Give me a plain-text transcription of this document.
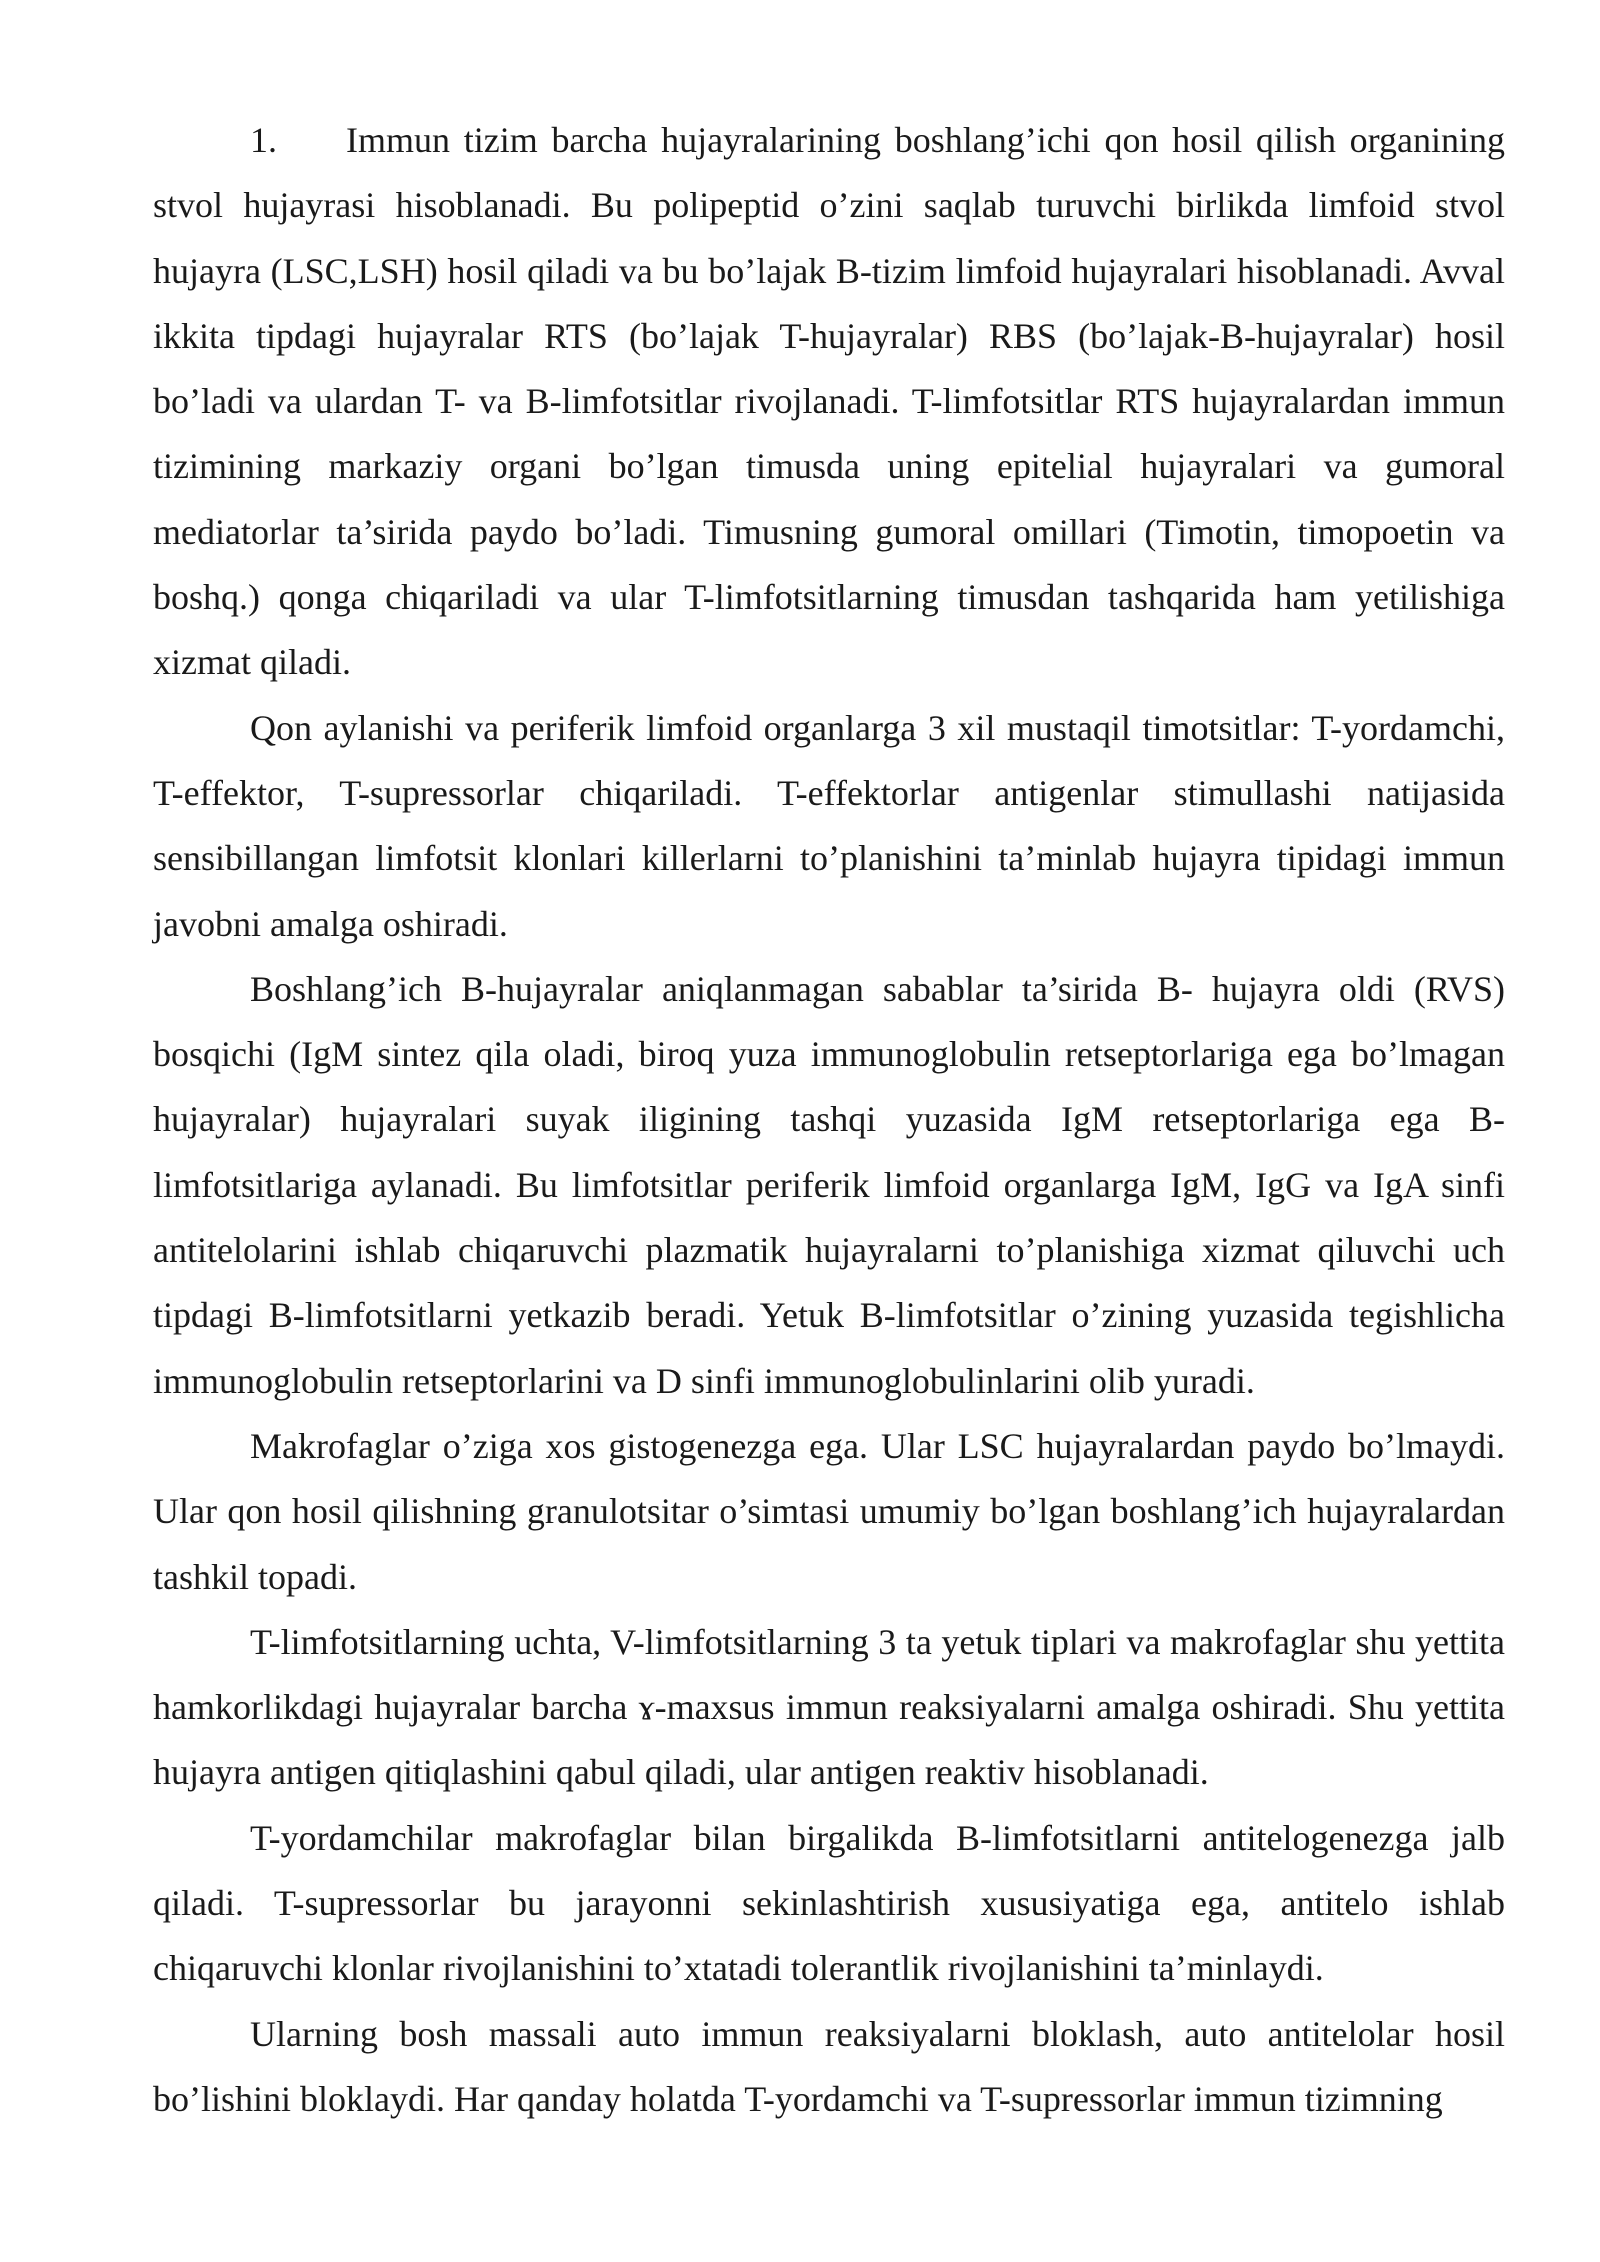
1. Immun tizim barcha hujayralarining boshlang’ichi qon hosil qilish organining stvol hujayrasi hisoblanadi. Bu polipeptid o’zini saqlab turuvchi birlikda limfoid stvol hujayra (LSC,LSH) hosil qiladi va bu bo’lajak B-tizim limfoid hujayralari hisoblanadi. Avval ikkita tipdagi hujayralar RTS (bo’lajak T-hujayralar) RBS (bo’lajak-B-hujayralar) hosil bo’ladi va ulardan T- va B-limfotsitlar rivojlanadi. T-limfotsitlar RTS hujayralardan immun tizimining markaziy organi bo’lgan timusda uning epitelial hujayralari va gumoral mediatorlar ta’sirida paydo bo’ladi. Timusning gumoral omillari (Timotin, timopoetin va boshq.) qonga chiqariladi va ular T-limfotsitlarning timusdan tashqarida ham yetilishiga xizmat qiladi.

Qon aylanishi va periferik limfoid organlarga 3 xil mustaqil timotsitlar: T-yordamchi, T-effektor, T-supressorlar chiqariladi. T-effektorlar antigenlar stimullashi natijasida sensibillangan limfotsit klonlari killerlarni to’planishini ta’minlab hujayra tipidagi immun javobni amalga oshiradi.

Boshlang’ich B-hujayralar aniqlanmagan sabablar ta’sirida B- hujayra oldi (RVS) bosqichi (IgM sintez qila oladi, biroq yuza immunoglobulin retseptorlariga ega bo’lmagan hujayralar) hujayralari suyak iligining tashqi yuzasida IgM retseptorlariga ega B-limfotsitlariga aylanadi. Bu limfotsitlar periferik limfoid organlarga IgM, IgG va IgA sinfi antitelolarini ishlab chiqaruvchi plazmatik hujayralarni to’planishiga xizmat qiluvchi uch tipdagi B-limfotsitlarni yetkazib beradi. Yetuk B-limfotsitlar o’zining yuzasida tegishlicha immunoglobulin retseptorlarini va D sinfi immunoglobulinlarini olib yuradi.

Makrofaglar o’ziga xos gistogenezga ega. Ular LSC hujayralardan paydo bo’lmaydi. Ular qon hosil qilishning granulotsitar o’simtasi umumiy bo’lgan boshlang’ich hujayralardan tashkil topadi.

T-limfotsitlarning uchta, V-limfotsitlarning 3 ta yetuk tiplari va makrofaglar shu yettita hamkorlikdagi hujayralar barcha ɤ-maxsus immun reaksiyalarni amalga oshiradi. Shu yettita hujayra antigen qitiqlashini qabul qiladi, ular antigen reaktiv hisoblanadi.

T-yordamchilar makrofaglar bilan birgalikda B-limfotsitlarni antitelogenezga jalb qiladi. T-supressorlar bu jarayonni sekinlashtirish xususiyatiga ega, antitelo ishlab chiqaruvchi klonlar rivojlanishini to’xtatadi tolerantlik rivojlanishini ta’minlaydi.

Ularning bosh massali auto immun reaksiyalarni bloklash, auto antitelolar hosil bo’lishini bloklaydi. Har qanday holatda T-yordamchi va T-supressorlar immun tizimning
